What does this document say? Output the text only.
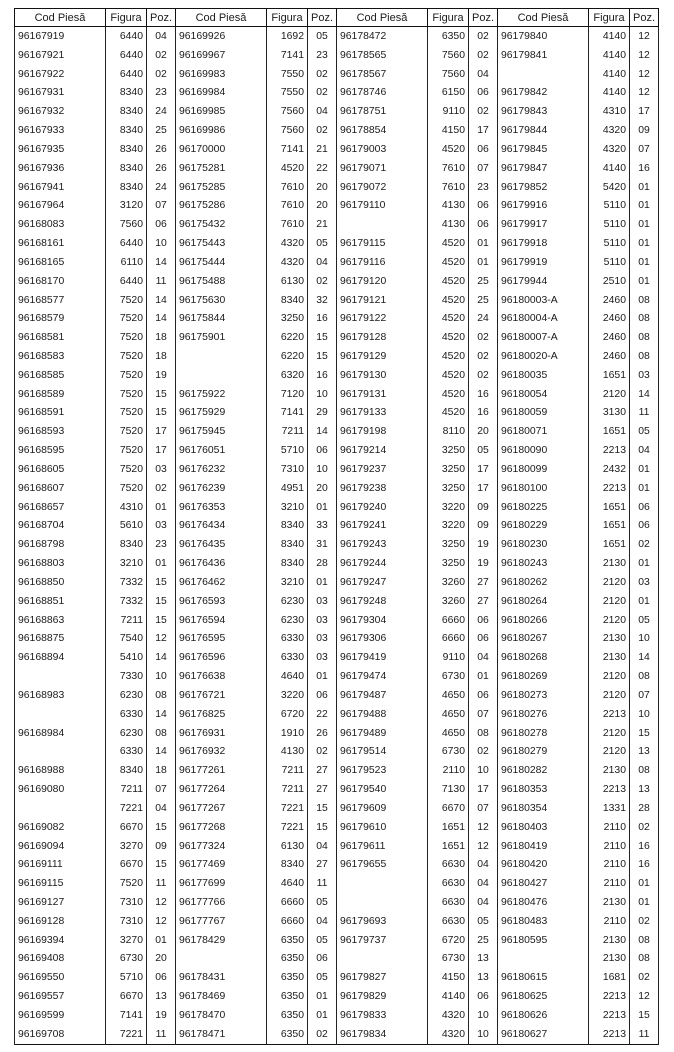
Cod Piesă	Figura	Poz.
96167919	6440	04
96167921	6440	02
96167922	6440	02
96167931	8340	23
96167932	8340	24
96167933	8340	25
96167935	8340	26
96167936	8340	26
96167941	8340	24
96167964	3120	07
96168083	7560	06
96168161	6440	10
96168165	6110	14
96168170	6440	11
96168577	7520	14
96168579	7520	14
96168581	7520	18
96168583	7520	18
96168585	7520	19
96168589	7520	15
96168591	7520	15
96168593	7520	17
96168595	7520	17
96168605	7520	03
96168607	7520	02
96168657	4310	01
96168704	5610	03
96168798	8340	23
96168803	3210	01
96168850	7332	15
96168851	7332	15
96168863	7211	15
96168875	7540	12
96168894	5410	14
	7330	10
96168983	6230	08
	6330	14
96168984	6230	08
	6330	14
96168988	8340	18
96169080	7211	07
	7221	04
96169082	6670	15
96169094	3270	09
96169111	6670	15
96169115	7520	11
96169127	7310	12
96169128	7310	12
96169394	3270	01
96169408	6730	20
96169550	5710	06
96169557	6670	13
96169599	7141	19
96169708	7221	11
Cod Piesă	Figura	Poz.
96169926	1692	05
96169967	7141	23
96169983	7550	02
96169984	7550	02
96169985	7560	04
96169986	7560	02
96170000	7141	21
96175281	4520	22
96175285	7610	20
96175286	7610	20
96175432	7610	21
96175443	4320	05
96175444	4320	04
96175488	6130	02
96175630	8340	32
96175844	3250	16
96175901	6220	15
	6220	15
	6320	16
96175922	7120	10
96175929	7141	29
96175945	7211	14
96176051	5710	06
96176232	7310	10
96176239	4951	20
96176353	3210	01
96176434	8340	33
96176435	8340	31
96176436	8340	28
96176462	3210	01
96176593	6230	03
96176594	6230	03
96176595	6330	03
96176596	6330	03
96176638	4640	01
96176721	3220	06
96176825	6720	22
96176931	1910	26
96176932	4130	02
96177261	7211	27
96177264	7211	27
96177267	7221	15
96177268	7221	15
96177324	6130	04
96177469	8340	27
96177699	4640	11
96177766	6660	05
96177767	6660	04
96178429	6350	05
	6350	06
96178431	6350	05
96178469	6350	01
96178470	6350	01
96178471	6350	02
Cod Piesă	Figura	Poz.
96178472	6350	02
96178565	7560	02
96178567	7560	04
96178746	6150	06
96178751	9110	02
96178854	4150	17
96179003	4520	06
96179071	7610	07
96179072	7610	23
96179110	4130	06
	4130	06
96179115	4520	01
96179116	4520	01
96179120	4520	25
96179121	4520	25
96179122	4520	24
96179128	4520	02
96179129	4520	02
96179130	4520	02
96179131	4520	16
96179133	4520	16
96179198	8110	20
96179214	3250	05
96179237	3250	17
96179238	3250	17
96179240	3220	09
96179241	3220	09
96179243	3250	19
96179244	3250	19
96179247	3260	27
96179248	3260	27
96179304	6660	06
96179306	6660	06
96179419	9110	04
96179474	6730	01
96179487	4650	06
96179488	4650	07
96179489	4650	08
96179514	6730	02
96179523	2110	10
96179540	7130	17
96179609	6670	07
96179610	1651	12
96179611	1651	12
96179655	6630	04
	6630	04
	6630	04
96179693	6630	05
96179737	6720	25
	6730	13
96179827	4150	13
96179829	4140	06
96179833	4320	10
96179834	4320	10
Cod Piesă	Figura	Poz.
96179840	4140	12
96179841	4140	12
	4140	12
96179842	4140	12
96179843	4310	17
96179844	4320	09
96179845	4320	07
96179847	4140	16
96179852	5420	01
96179916	5110	01
96179917	5110	01
96179918	5110	01
96179919	5110	01
96179944	2510	01
96180003-A	2460	08
96180004-A	2460	08
96180007-A	2460	08
96180020-A	2460	08
96180035	1651	03
96180054	2120	14
96180059	3130	11
96180071	1651	05
96180090	2213	04
96180099	2432	01
96180100	2213	01
96180225	1651	06
96180229	1651	06
96180230	1651	02
96180243	2130	01
96180262	2120	03
96180264	2120	01
96180266	2120	05
96180267	2130	10
96180268	2130	14
96180269	2120	08
96180273	2120	07
96180276	2213	10
96180278	2120	15
96180279	2120	13
96180282	2130	08
96180353	2213	13
96180354	1331	28
96180403	2110	02
96180419	2110	16
96180420	2110	16
96180427	2110	01
96180476	2130	01
96180483	2110	02
96180595	2130	08
	2130	08
96180615	1681	02
96180625	2213	12
96180626	2213	15
96180627	2213	11
